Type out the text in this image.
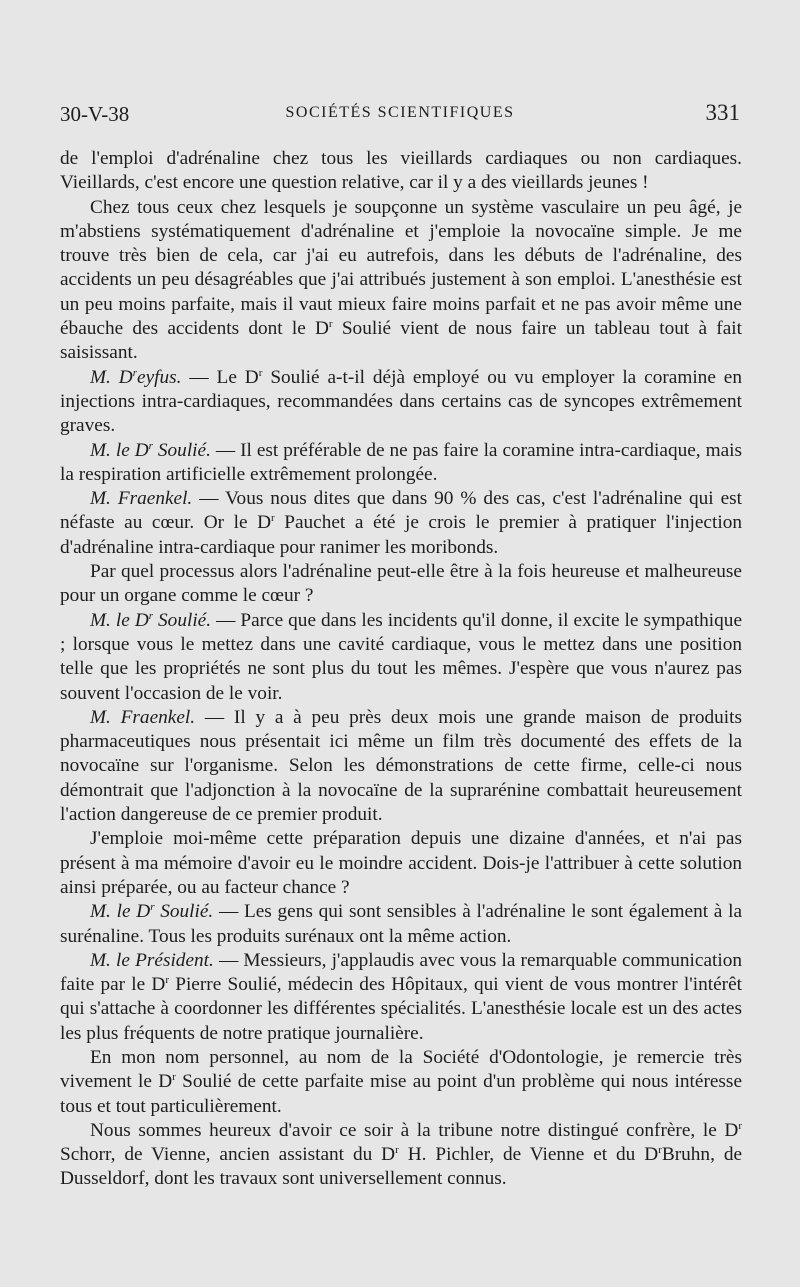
30-V-38	SOCIÉTÉS SCIENTIFIQUES	331

de l'emploi d'adrénaline chez tous les vieillards cardiaques ou non cardiaques. Vieillards, c'est encore une question relative, car il y a des vieillards jeunes !

Chez tous ceux chez lesquels je soupçonne un système vasculaire un peu âgé, je m'abstiens systématiquement d'adrénaline et j'emploie la novocaïne simple. Je me trouve très bien de cela, car j'ai eu autrefois, dans les débuts de l'adrénaline, des accidents un peu désagréables que j'ai attribués justement à son emploi. L'anesthésie est un peu moins parfaite, mais il vaut mieux faire moins parfait et ne pas avoir même une ébauche des accidents dont le $D^r$ Soulié vient de nous faire un tableau tout à fait saisissant.

M. $D^reyfus$. — Le $D^r$ Soulié a-t-il déjà employé ou vu employer la coramine en injections intra-cardiaques, recommandées dans certains cas de syncopes extrêmement graves.

M. le $D^r$ Soulié. — Il est préférable de ne pas faire la coramine intra-cardiaque, mais la respiration artificielle extrêmement prolongée.

M. Fraenkel. — Vous nous dites que dans 90 % des cas, c'est l'adrénaline qui est néfaste au cœur. Or le $D^r$ Pauchet a été je crois le premier à pratiquer l'injection d'adrénaline intra-cardiaque pour ranimer les moribonds.

Par quel processus alors l'adrénaline peut-elle être à la fois heureuse et malheureuse pour un organe comme le cœur ?

M. le $D^r$ Soulié. — Parce que dans les incidents qu'il donne, il excite le sympathique ; lorsque vous le mettez dans une cavité cardiaque, vous le mettez dans une position telle que les propriétés ne sont plus du tout les mêmes. J'espère que vous n'aurez pas souvent l'occasion de le voir.

M. Fraenkel. — Il y a à peu près deux mois une grande maison de produits pharmaceutiques nous présentait ici même un film très documenté des effets de la novocaïne sur l'organisme. Selon les démonstrations de cette firme, celle-ci nous démontrait que l'adjonction à la novocaïne de la suprarénine combattait heureusement l'action dangereuse de ce premier produit.

J'emploie moi-même cette préparation depuis une dizaine d'années, et n'ai pas présent à ma mémoire d'avoir eu le moindre accident. Dois-je l'attribuer à cette solution ainsi préparée, ou au facteur chance ?

M. le $D^r$ Soulié. — Les gens qui sont sensibles à l'adrénaline le sont également à la surénaline. Tous les produits surénaux ont la même action.

M. le Président. — Messieurs, j'applaudis avec vous la remarquable communication faite par le $D^r$ Pierre Soulié, médecin des Hôpitaux, qui vient de vous montrer l'intérêt qui s'attache à coordonner les différentes spécialités. L'anesthésie locale est un des actes les plus fréquents de notre pratique journalière.

En mon nom personnel, au nom de la Société d'Odontologie, je remercie très vivement le $D^r$ Soulié de cette parfaite mise au point d'un problème qui nous intéresse tous et tout particulièrement.

Nous sommes heureux d'avoir ce soir à la tribune notre distingué confrère, le $D^r$ Schorr, de Vienne, ancien assistant du $D^r$ H. Pichler, de Vienne et du $D^rBruhn$, de Dusseldorf, dont les travaux sont universellement connus.
